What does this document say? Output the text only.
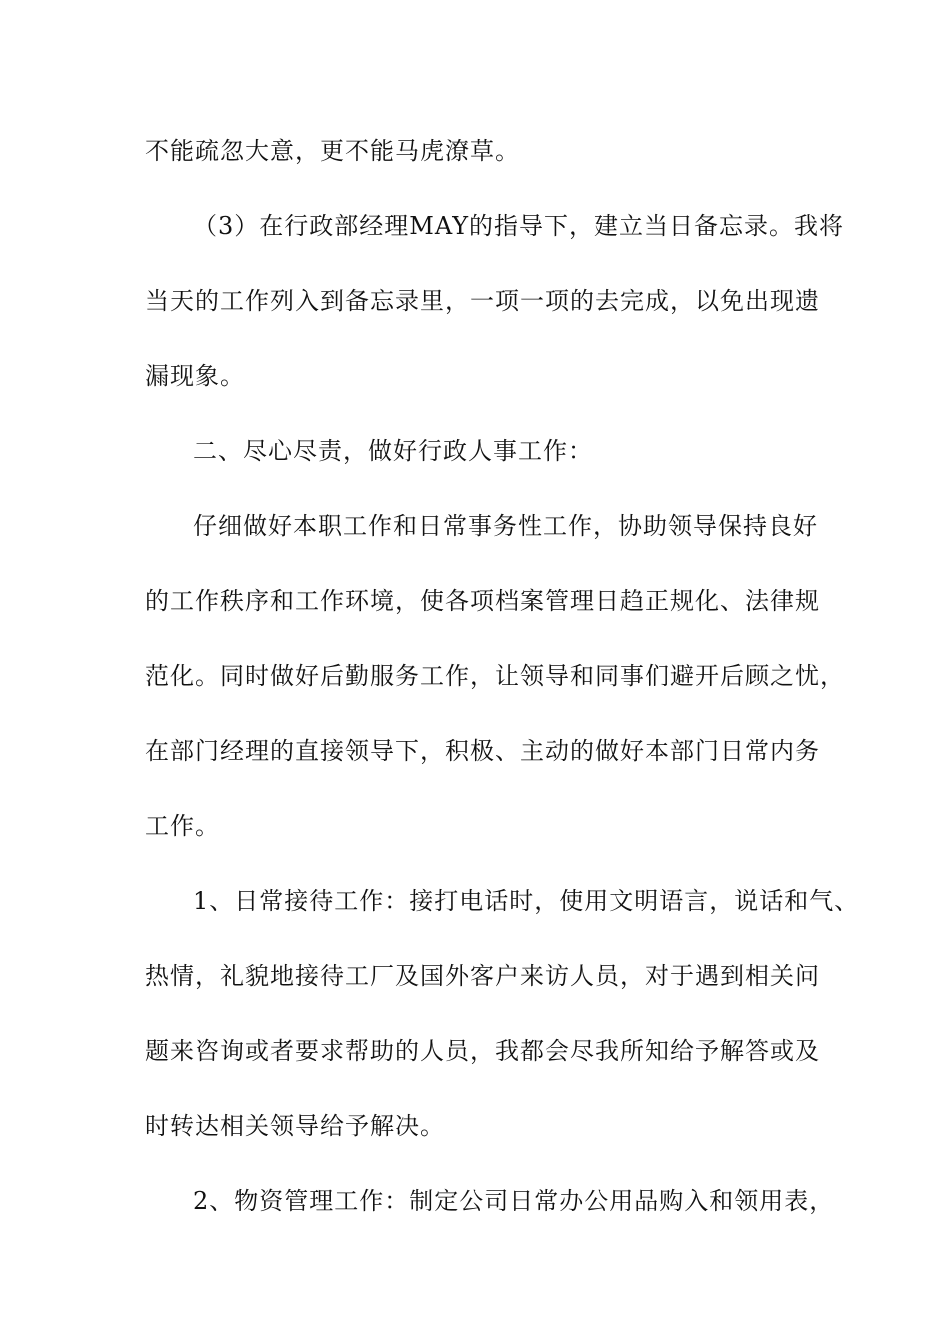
不能疏忽大意，更不能马虎潦草。
（3）在行政部经理MAY的指导下，建立当日备忘录。我将
当天的工作列入到备忘录里，一项一项的去完成，以免出现遗
漏现象。
二、尽心尽责，做好行政人事工作：
仔细做好本职工作和日常事务性工作，协助领导保持良好
的工作秩序和工作环境，使各项档案管理日趋正规化、法律规
范化。同时做好后勤服务工作，让领导和同事们避开后顾之忧，
在部门经理的直接领导下，积极、主动的做好本部门日常内务
工作。
1、日常接待工作：接打电话时，使用文明语言，说话和气、
热情，礼貌地接待工厂及国外客户来访人员，对于遇到相关问
题来咨询或者要求帮助的人员，我都会尽我所知给予解答或及
时转达相关领导给予解决。
2、物资管理工作：制定公司日常办公用品购入和领用表，
